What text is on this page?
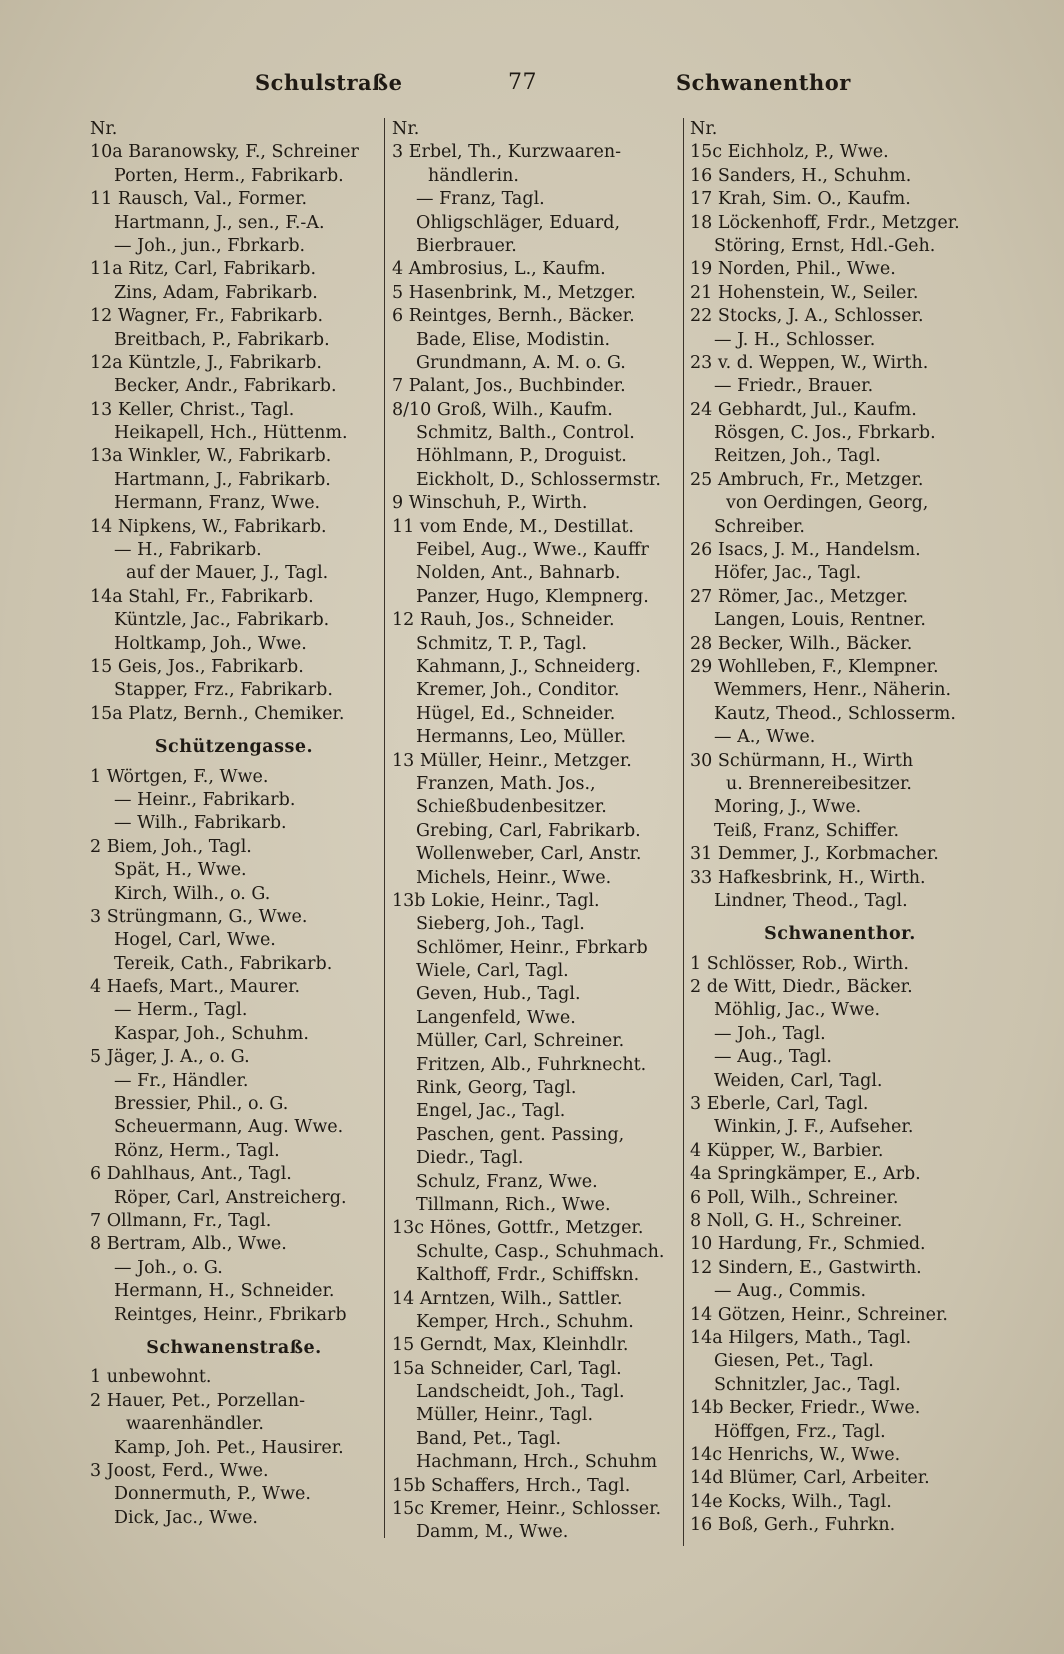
Schulstraße	77	Schwanenthor
Nr.
10a Baranowsky, F., Schreiner
Porten, Herm., Fabrikarb.
11 Rausch, Val., Former.
Hartmann, J., sen., F.-A.
— Joh., jun., Fbrkarb.
11a Ritz, Carl, Fabrikarb.
Zins, Adam, Fabrikarb.
12 Wagner, Fr., Fabrikarb.
Breitbach, P., Fabrikarb.
12a Küntzle, J., Fabrikarb.
Becker, Andr., Fabrikarb.
13 Keller, Christ., Tagl.
Heikapell, Hch., Hüttenm.
13a Winkler, W., Fabrikarb.
Hartmann, J., Fabrikarb.
Hermann, Franz, Wwe.
14 Nipkens, W., Fabrikarb.
— H., Fabrikarb.
auf der Mauer, J., Tagl.
14a Stahl, Fr., Fabrikarb.
Küntzle, Jac., Fabrikarb.
Holtkamp, Joh., Wwe.
15 Geis, Jos., Fabrikarb.
Stapper, Frz., Fabrikarb.
15a Platz, Bernh., Chemiker.
Schützengasse.
1 Wörtgen, F., Wwe.
— Heinr., Fabrikarb.
— Wilh., Fabrikarb.
2 Biem, Joh., Tagl.
Spät, H., Wwe.
Kirch, Wilh., o. G.
3 Strüngmann, G., Wwe.
Hogel, Carl, Wwe.
Tereik, Cath., Fabrikarb.
4 Haefs, Mart., Maurer.
— Herm., Tagl.
Kaspar, Joh., Schuhm.
5 Jäger, J. A., o. G.
— Fr., Händler.
Bressier, Phil., o. G.
Scheuermann, Aug. Wwe.
Rönz, Herm., Tagl.
6 Dahlhaus, Ant., Tagl.
Röper, Carl, Anstreicherg.
7 Ollmann, Fr., Tagl.
8 Bertram, Alb., Wwe.
— Joh., o. G.
Hermann, H., Schneider.
Reintges, Heinr., Fbrikarb
Schwanenstraße.
1 unbewohnt.
2 Hauer, Pet., Porzellan-
waarenhändler.
Kamp, Joh. Pet., Hausirer.
3 Joost, Ferd., Wwe.
Donnermuth, P., Wwe.
Dick, Jac., Wwe.
Nr.
3 Erbel, Th., Kurzwaaren-
händlerin.
— Franz, Tagl.
Ohligschläger, Eduard,
Bierbrauer.
4 Ambrosius, L., Kaufm.
5 Hasenbrink, M., Metzger.
6 Reintges, Bernh., Bäcker.
Bade, Elise, Modistin.
Grundmann, A. M. o. G.
7 Palant, Jos., Buchbinder.
8/10 Groß, Wilh., Kaufm.
Schmitz, Balth., Control.
Höhlmann, P., Droguist.
Eickholt, D., Schlossermstr.
9 Winschuh, P., Wirth.
11 vom Ende, M., Destillat.
Feibel, Aug., Wwe., Kauffr
Nolden, Ant., Bahnarb.
Panzer, Hugo, Klempnerg.
12 Rauh, Jos., Schneider.
Schmitz, T. P., Tagl.
Kahmann, J., Schneiderg.
Kremer, Joh., Conditor.
Hügel, Ed., Schneider.
Hermanns, Leo, Müller.
13 Müller, Heinr., Metzger.
Franzen, Math. Jos.,
Schießbudenbesitzer.
Grebing, Carl, Fabrikarb.
Wollenweber, Carl, Anstr.
Michels, Heinr., Wwe.
13b Lokie, Heinr., Tagl.
Sieberg, Joh., Tagl.
Schlömer, Heinr., Fbrkarb
Wiele, Carl, Tagl.
Geven, Hub., Tagl.
Langenfeld, Wwe.
Müller, Carl, Schreiner.
Fritzen, Alb., Fuhrknecht.
Rink, Georg, Tagl.
Engel, Jac., Tagl.
Paschen, gent. Passing,
Diedr., Tagl.
Schulz, Franz, Wwe.
Tillmann, Rich., Wwe.
13c Hönes, Gottfr., Metzger.
Schulte, Casp., Schuhmach.
Kalthoff, Frdr., Schiffskn.
14 Arntzen, Wilh., Sattler.
Kemper, Hrch., Schuhm.
15 Gerndt, Max, Kleinhdlr.
15a Schneider, Carl, Tagl.
Landscheidt, Joh., Tagl.
Müller, Heinr., Tagl.
Band, Pet., Tagl.
Hachmann, Hrch., Schuhm
15b Schaffers, Hrch., Tagl.
15c Kremer, Heinr., Schlosser.
Damm, M., Wwe.
Nr.
15c Eichholz, P., Wwe.
16 Sanders, H., Schuhm.
17 Krah, Sim. O., Kaufm.
18 Löckenhoff, Frdr., Metzger.
Störing, Ernst, Hdl.-Geh.
19 Norden, Phil., Wwe.
21 Hohenstein, W., Seiler.
22 Stocks, J. A., Schlosser.
— J. H., Schlosser.
23 v. d. Weppen, W., Wirth.
— Friedr., Brauer.
24 Gebhardt, Jul., Kaufm.
Rösgen, C. Jos., Fbrkarb.
Reitzen, Joh., Tagl.
25 Ambruch, Fr., Metzger.
von Oerdingen, Georg,
Schreiber.
26 Isacs, J. M., Handelsm.
Höfer, Jac., Tagl.
27 Römer, Jac., Metzger.
Langen, Louis, Rentner.
28 Becker, Wilh., Bäcker.
29 Wohlleben, F., Klempner.
Wemmers, Henr., Näherin.
Kautz, Theod., Schlosserm.
— A., Wwe.
30 Schürmann, H., Wirth
u. Brennereibesitzer.
Moring, J., Wwe.
Teiß, Franz, Schiffer.
31 Demmer, J., Korbmacher.
33 Hafkesbrink, H., Wirth.
Lindner, Theod., Tagl.
Schwanenthor.
1 Schlösser, Rob., Wirth.
2 de Witt, Diedr., Bäcker.
Möhlig, Jac., Wwe.
— Joh., Tagl.
— Aug., Tagl.
Weiden, Carl, Tagl.
3 Eberle, Carl, Tagl.
Winkin, J. F., Aufseher.
4 Küpper, W., Barbier.
4a Springkämper, E., Arb.
6 Poll, Wilh., Schreiner.
8 Noll, G. H., Schreiner.
10 Hardung, Fr., Schmied.
12 Sindern, E., Gastwirth.
— Aug., Commis.
14 Götzen, Heinr., Schreiner.
14a Hilgers, Math., Tagl.
Giesen, Pet., Tagl.
Schnitzler, Jac., Tagl.
14b Becker, Friedr., Wwe.
Höffgen, Frz., Tagl.
14c Henrichs, W., Wwe.
14d Blümer, Carl, Arbeiter.
14e Kocks, Wilh., Tagl.
16 Boß, Gerh., Fuhrkn.
